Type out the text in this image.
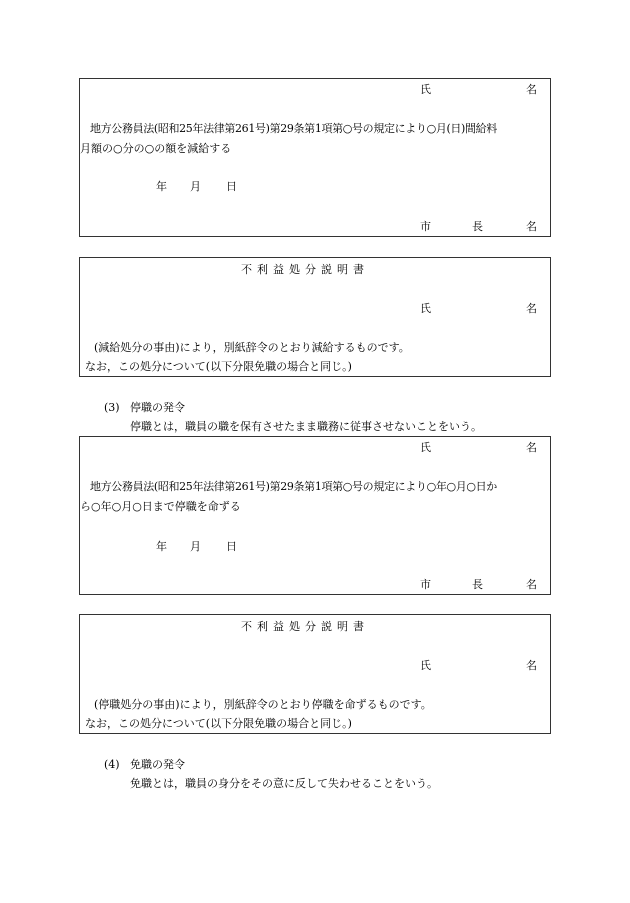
氏	名
地方公務員法(昭和25年法律第261号)第29条第1項第○号の規定により○月(日)間給料
月額の○分の○の額を減給する
年 月 日
市	長	名
不利益処分説明書
氏	名
(減給処分の事由)により，別紙辞令のとおり減給するものです。
なお，この処分について(以下分限免職の場合と同じ。)
(3) 停職の発令
停職とは，職員の職を保有させたまま職務に従事させないことをいう。
氏	名
地方公務員法(昭和25年法律第261号)第29条第1項第○号の規定により○年○月○日か
ら○年○月○日まで停職を命ずる
年 月 日
市	長	名
不利益処分説明書
氏	名
(停職処分の事由)により，別紙辞令のとおり停職を命ずるものです。
なお，この処分について(以下分限免職の場合と同じ。)
(4) 免職の発令
免職とは，職員の身分をその意に反して失わせることをいう。
